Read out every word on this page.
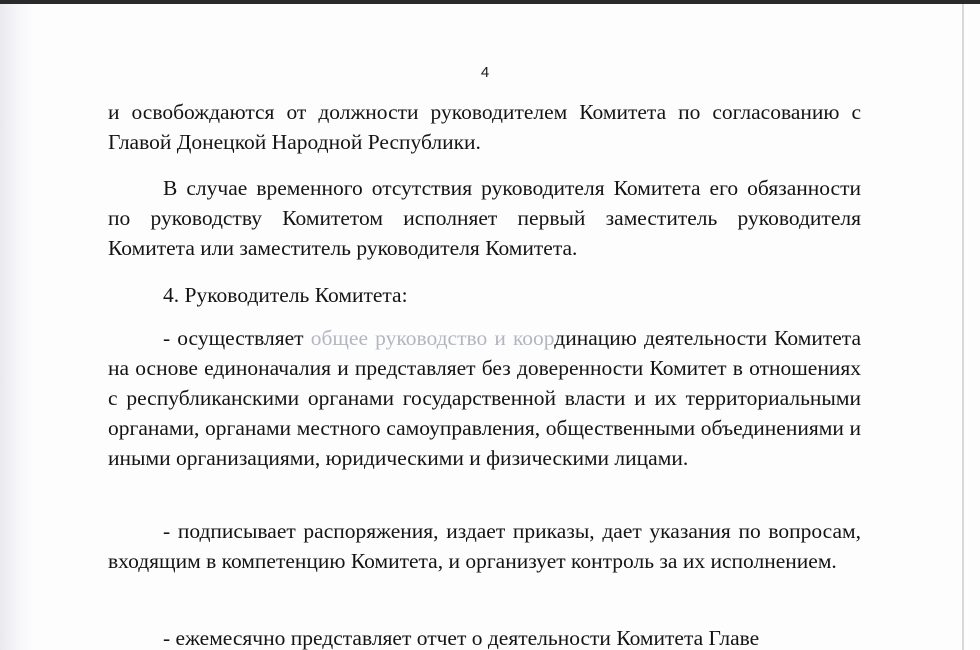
4

и освобождаются от должности руководителем Комитета по согласованию с Главой Донецкой Народной Республики.

В случае временного отсутствия руководителя Комитета его обязанности по руководству Комитетом исполняет первый заместитель руководителя Комитета или заместитель руководителя Комитета.

4. Руководитель Комитета:

- осуществляет общее руководство и координацию деятельности Комитета на основе единоначалия и представляет без доверенности Комитет в отношениях с республиканскими органами государственной власти и их территориальными органами, органами местного самоуправления, общественными объединениями и иными организациями, юридическими и физическими лицами.

- подписывает распоряжения, издает приказы, дает указания по вопросам, входящим в компетенцию Комитета, и организует контроль за их исполнением.

- ежемесячно представляет отчет о деятельности Комитета Главе
